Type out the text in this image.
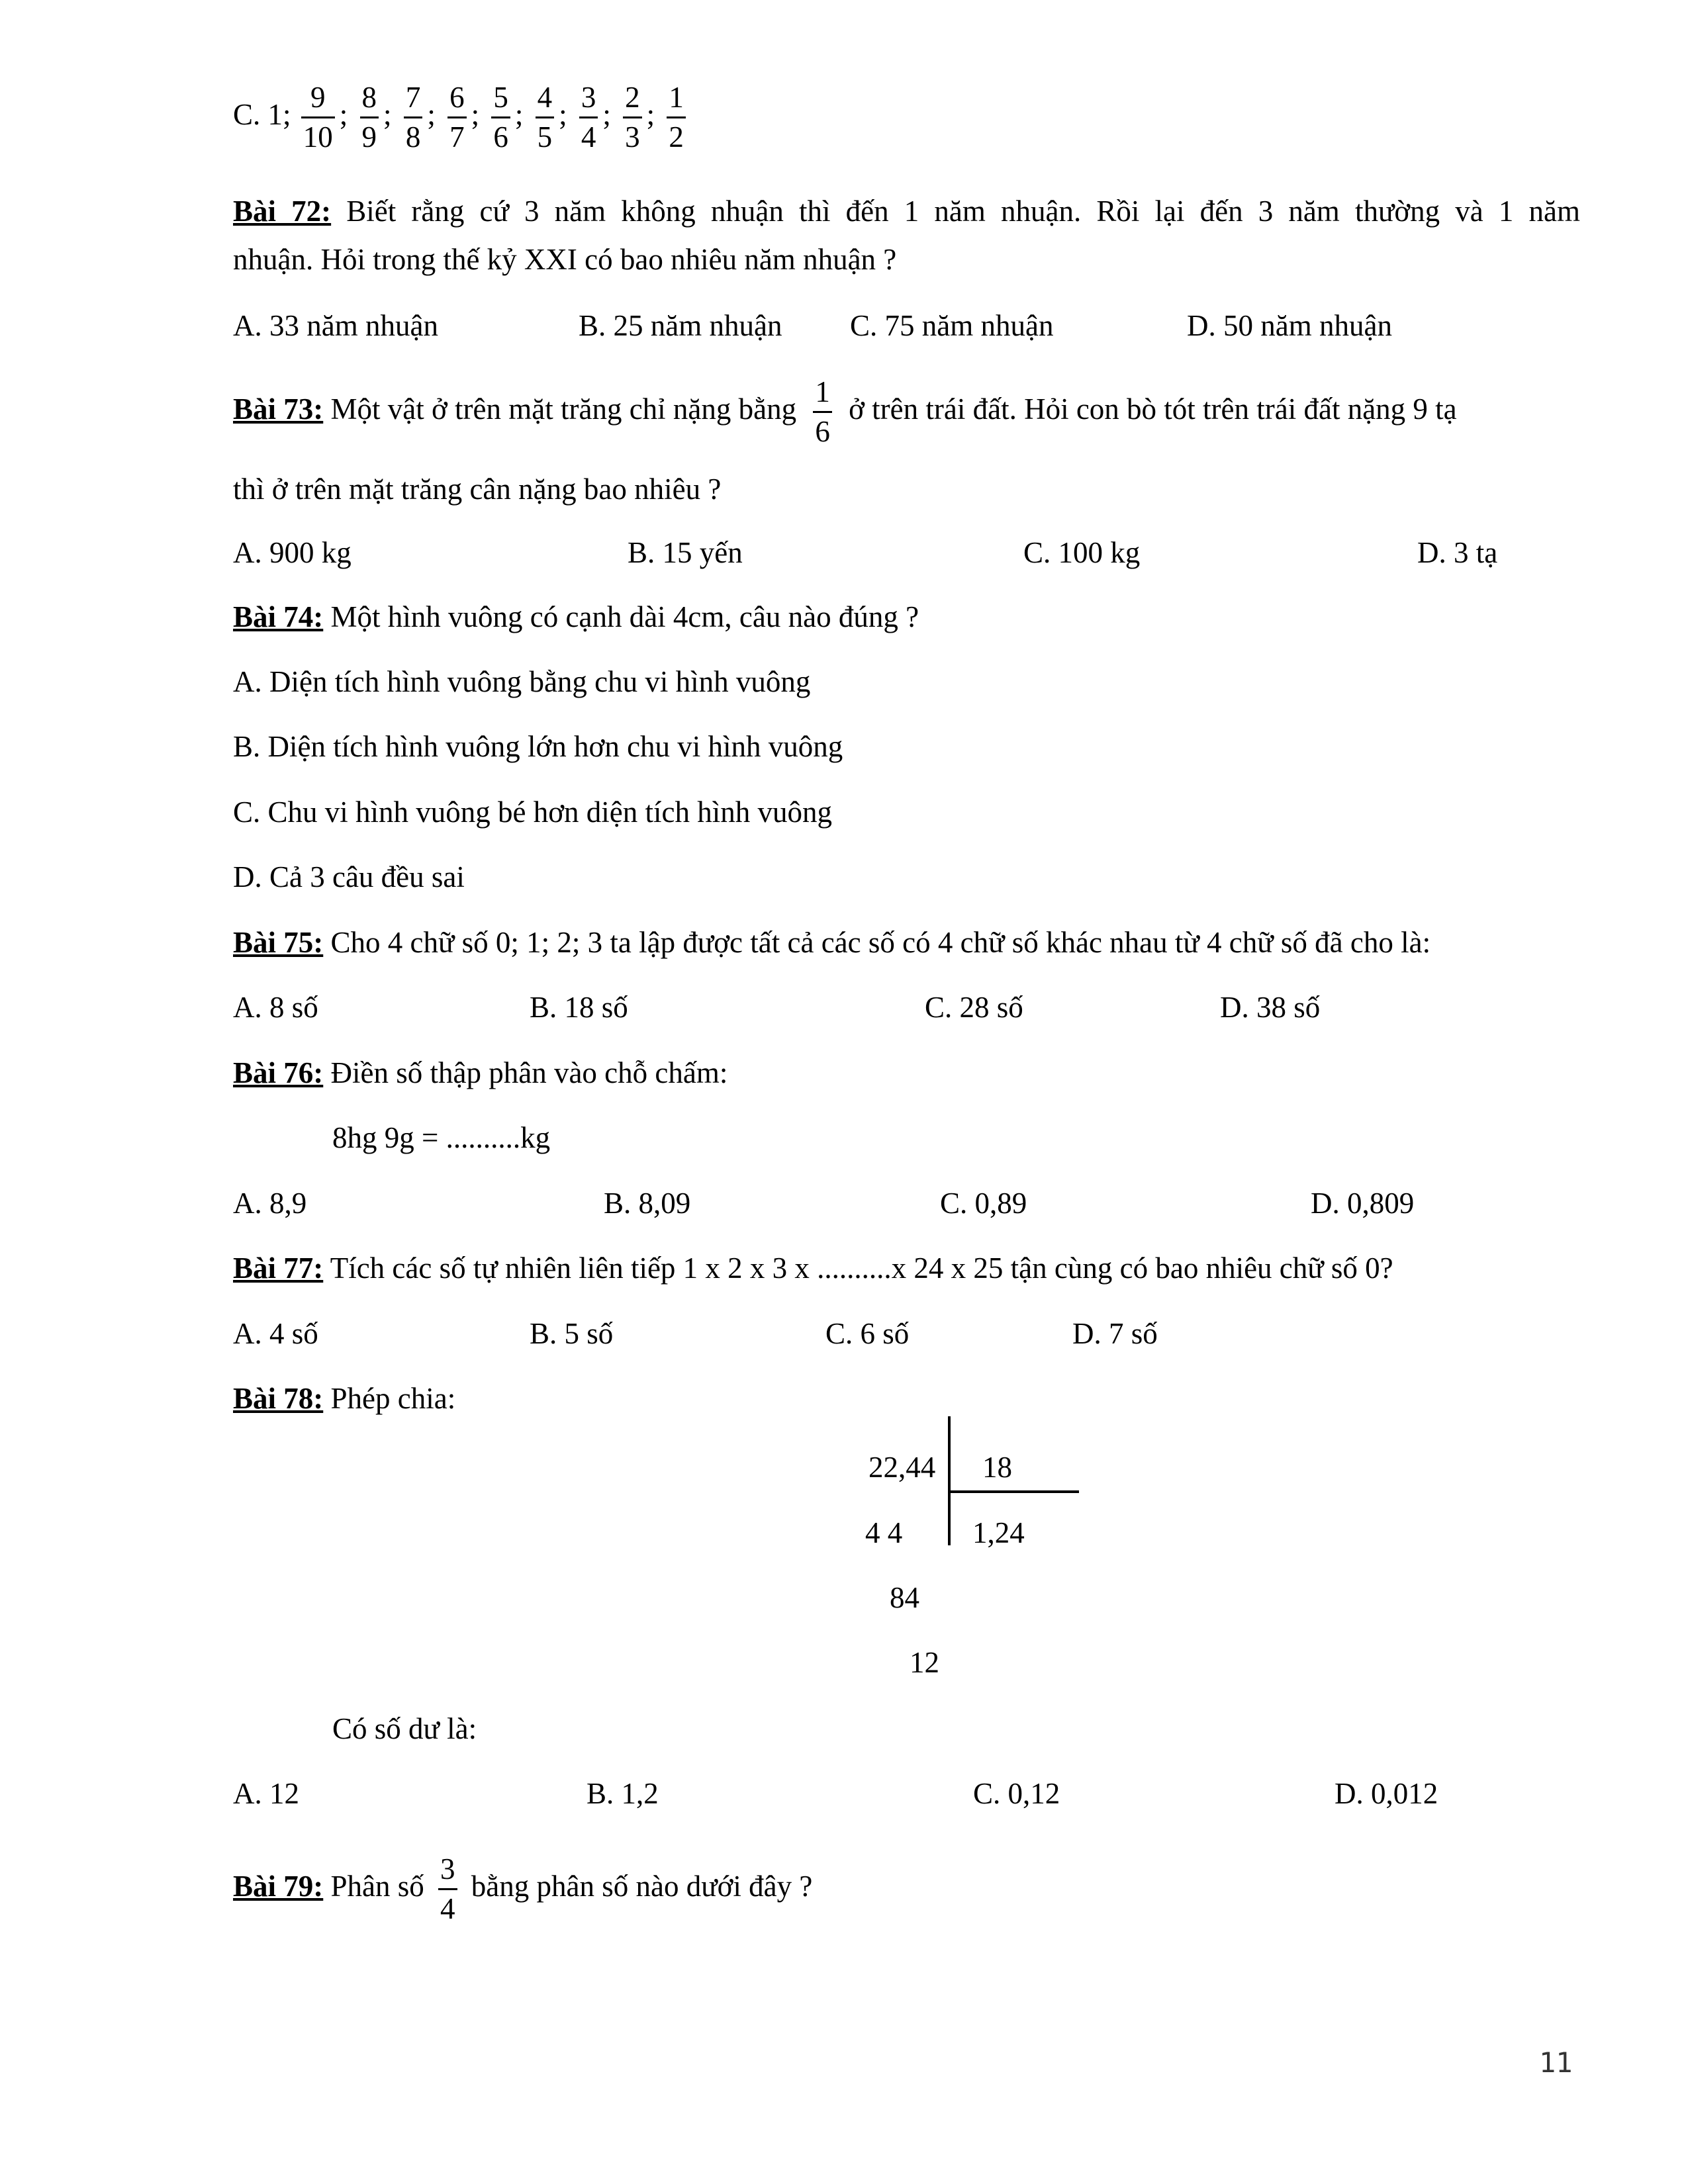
C. 1; $\frac{9}{10}$ ; $\frac{8}{9}$ ; $\frac{7}{8}$ ; $\frac{6}{7}$ ; $\frac{5}{6}$ ; $\frac{4}{5}$ ; $\frac{3}{4}$ ; $\frac{2}{3}$ ; $\frac{1}{2}$
Bài 72: Biết rằng cứ 3 năm không nhuận thì đến 1 năm nhuận. Rồi lại đến 3 năm thường và 1 năm
nhuận. Hỏi trong thế kỷ XXI có bao nhiêu năm nhuận ?
A. 33 năm nhuận	B. 25 năm nhuận C. 75 năm nhuận	D. 50 năm nhuận
Bài 73: Một vật ở trên mặt trăng chỉ nặng bằng $\frac{1}{6}$ ở trên trái đất. Hỏi con bò tót trên trái đất nặng 9 tạ
thì ở trên mặt trăng cân nặng bao nhiêu ?
A. 900 kg	B. 15 yến	C. 100 kg	D. 3 tạ
Bài 74: Một hình vuông có cạnh dài 4cm, câu nào đúng ?
A. Diện tích hình vuông bằng chu vi hình vuông
B. Diện tích hình vuông lớn hơn chu vi hình vuông
C. Chu vi hình vuông bé hơn diện tích hình vuông
D. Cả 3 câu đều sai
Bài 75: Cho 4 chữ số 0; 1; 2; 3 ta lập được tất cả các số có 4 chữ số khác nhau từ 4 chữ số đã cho là:
A. 8 số	B. 18 số	C. 28 số	D. 38 số
Bài 76: Điền số thập phân vào chỗ chấm:
8hg 9g = ..........kg
A. 8,9	B. 8,09	C. 0,89	D. 0,809
Bài 77: Tích các số tự nhiên liên tiếp 1 x 2 x 3 x ..........x 24 x 25 tận cùng có bao nhiêu chữ số 0?
A. 4 số	B. 5 số	C. 6 số	D. 7 số
Bài 78: Phép chia:
22,44 18
4 4 1,24
84
12
Có số dư là:
A. 12	B. 1,2	C. 0,12	D. 0,012
Bài 79: Phân số $\frac{3}{4}$ bằng phân số nào dưới đây ?
11
